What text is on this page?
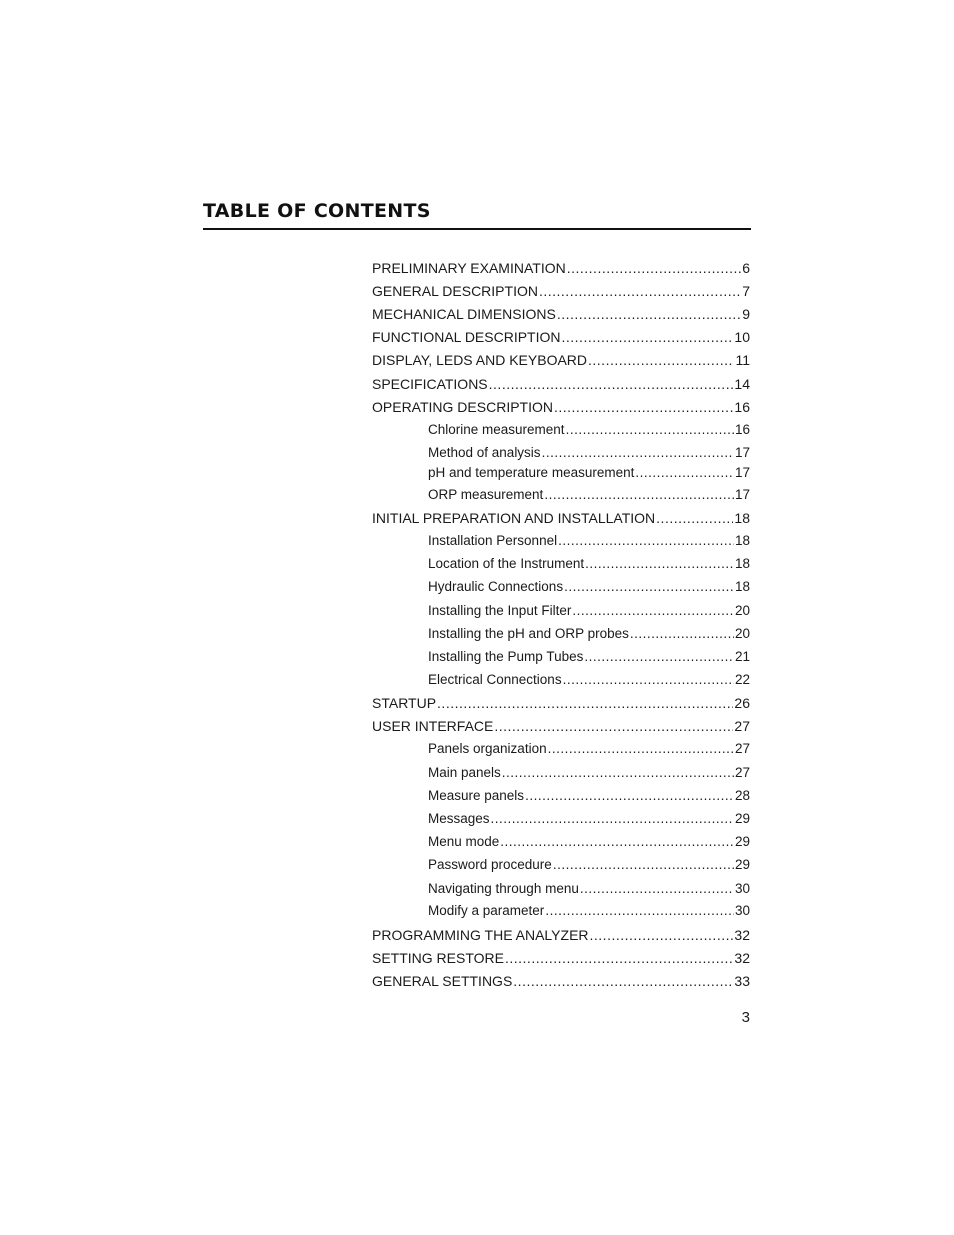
TABLE OF CONTENTS
PRELIMINARY EXAMINATION .....	6
GENERAL DESCRIPTION .....	7
MECHANICAL DIMENSIONS .....	9
FUNCTIONAL DESCRIPTION .....	10
DISPLAY, LEDS AND KEYBOARD .....	11
SPECIFICATIONS .....	14
OPERATING DESCRIPTION .....	16
Chlorine measurement .....	16
Method of analysis .....	17
pH and temperature measurement .....	17
ORP measurement .....	17
INITIAL PREPARATION AND INSTALLATION .....	18
Installation Personnel .....	18
Location of the Instrument .....	18
Hydraulic Connections .....	18
Installing the Input Filter .....	20
Installing the pH and ORP probes .....	20
Installing the Pump Tubes .....	21
Electrical Connections .....	22
STARTUP .....	26
USER INTERFACE .....	27
Panels organization .....	27
Main panels .....	27
Measure panels .....	28
Messages .....	29
Menu mode .....	29
Password procedure .....	29
Navigating through menu .....	30
Modify a parameter .....	30
PROGRAMMING THE ANALYZER .....	32
SETTING RESTORE .....	32
GENERAL SETTINGS .....	33
3
